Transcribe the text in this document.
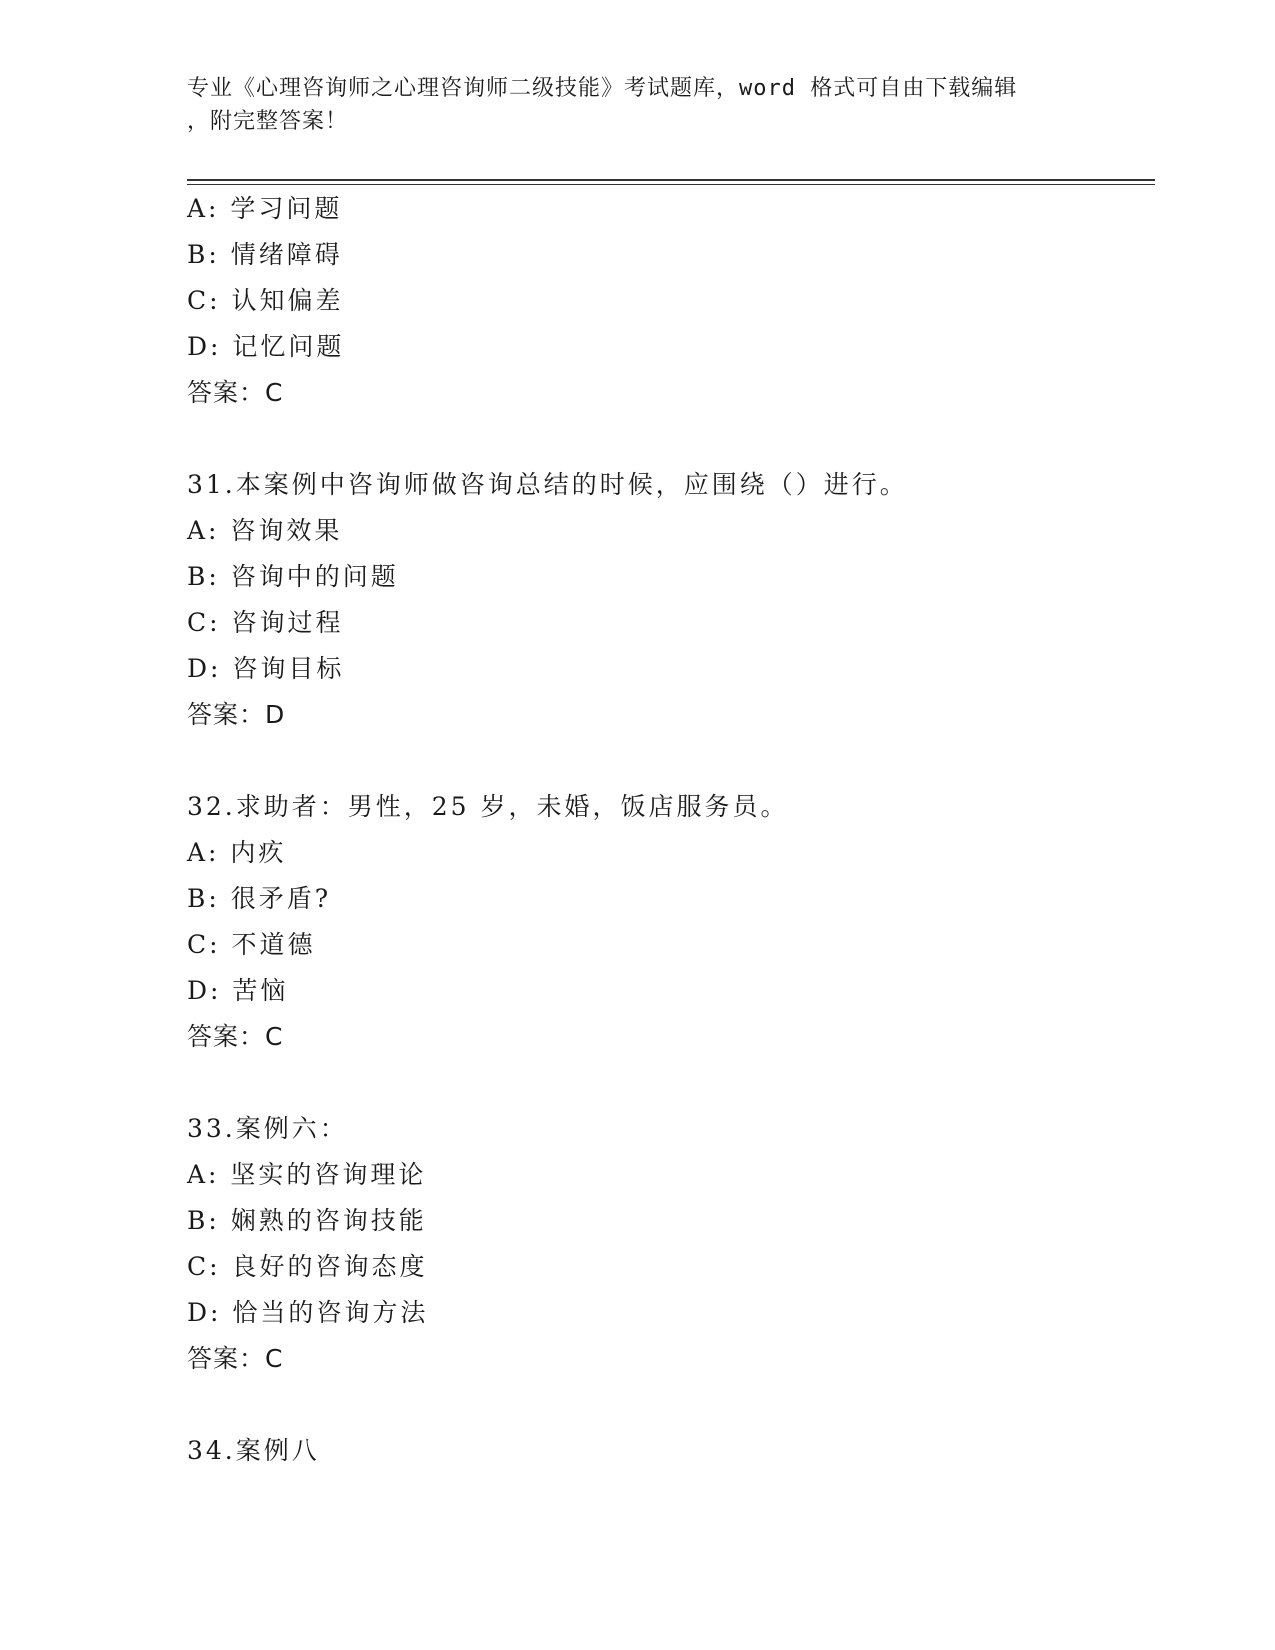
专业《心理咨询师之心理咨询师二级技能》考试题库，word 格式可自由下载编辑
，附完整答案！
A: 学习问题
B: 情绪障碍
C: 认知偏差
D: 记忆问题
答案：C
31.本案例中咨询师做咨询总结的时候，应围绕（）进行。
A: 咨询效果
B: 咨询中的问题
C: 咨询过程
D: 咨询目标
答案：D
32.求助者：男性，25 岁，未婚，饭店服务员。
A: 内疚
B: 很矛盾?
C: 不道德
D: 苦恼
答案：C
33.案例六：
A: 坚实的咨询理论
B: 娴熟的咨询技能
C: 良好的咨询态度
D: 恰当的咨询方法
答案：C
34.案例八
